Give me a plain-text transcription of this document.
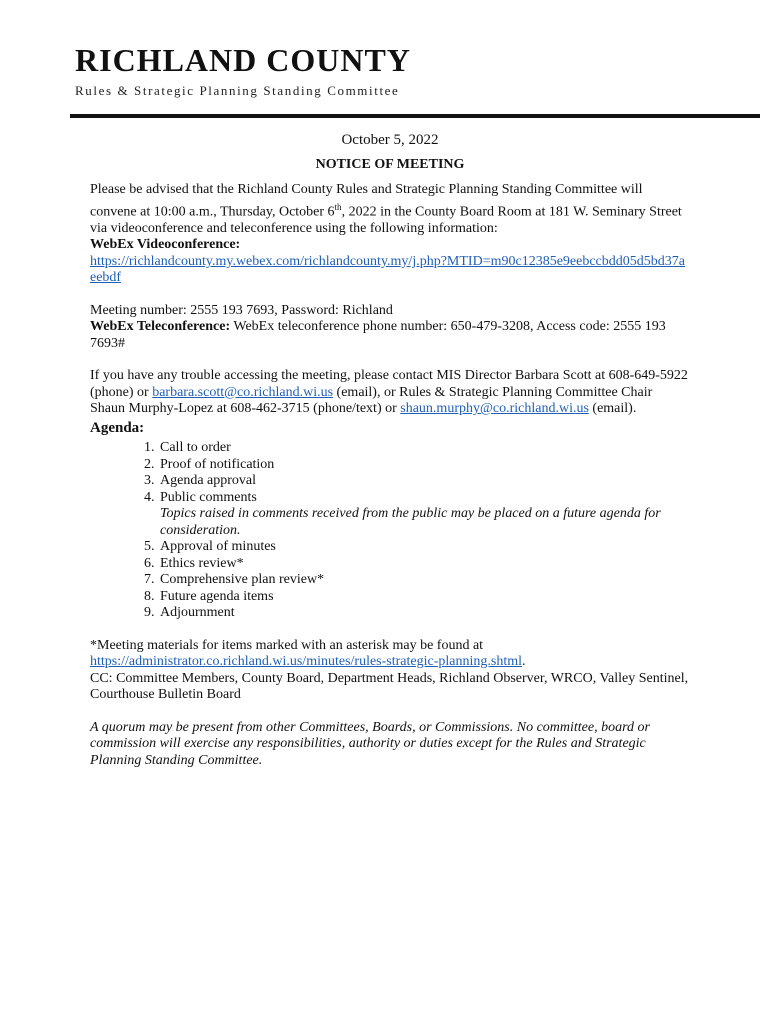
RICHLAND COUNTY
Rules & Strategic Planning Standing Committee

October 5, 2022

NOTICE OF MEETING

Please be advised that the Richland County Rules and Strategic Planning Standing Committee will convene at 10:00 a.m., Thursday, October 6th, 2022 in the County Board Room at 181 W. Seminary Street via videoconference and teleconference using the following information:

WebEx Videoconference:

https://richlandcounty.my.webex.com/richlandcounty.my/j.php?MTID=m90c12385e9eebccbdd05d5bd37aeebdf

Meeting number: 2555 193 7693, Password: Richland

WebEx Teleconference: WebEx teleconference phone number: 650-479-3208, Access code: 2555 193 7693#

If you have any trouble accessing the meeting, please contact MIS Director Barbara Scott at 608-649-5922 (phone) or barbara.scott@co.richland.wi.us (email), or Rules & Strategic Planning Committee Chair Shaun Murphy-Lopez at 608-462-3715 (phone/text) or shaun.murphy@co.richland.wi.us (email).

Agenda:

1. Call to order
2. Proof of notification
3. Agenda approval
4. Public comments
Topics raised in comments received from the public may be placed on a future agenda for consideration.
5. Approval of minutes
6. Ethics review*
7. Comprehensive plan review*
8. Future agenda items
9. Adjournment

*Meeting materials for items marked with an asterisk may be found at

https://administrator.co.richland.wi.us/minutes/rules-strategic-planning.shtml.

CC: Committee Members, County Board, Department Heads, Richland Observer, WRCO, Valley Sentinel, Courthouse Bulletin Board

A quorum may be present from other Committees, Boards, or Commissions. No committee, board or commission will exercise any responsibilities, authority or duties except for the Rules and Strategic Planning Standing Committee.
